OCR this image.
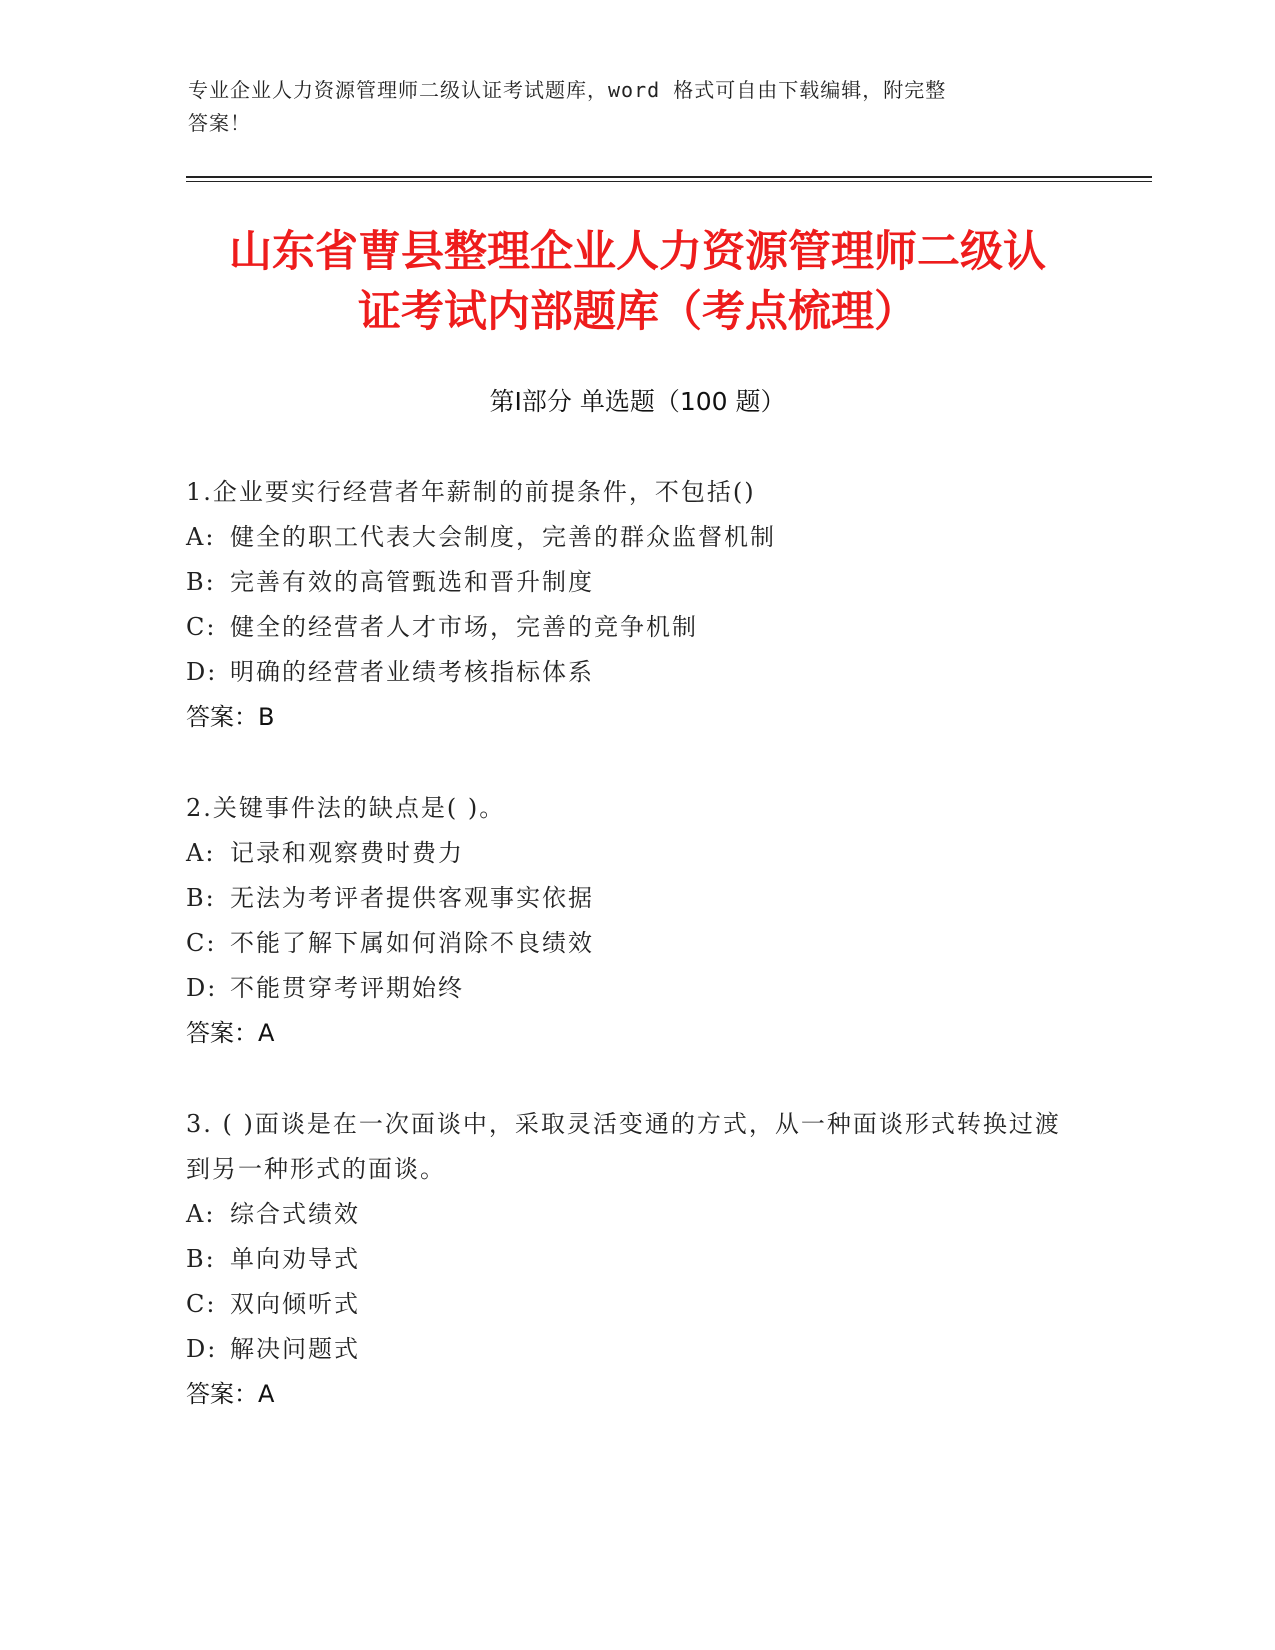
专业企业人力资源管理师二级认证考试题库，word 格式可自由下载编辑，附完整
答案！
山东省曹县整理企业人力资源管理师二级认
证考试内部题库（考点梳理）
第Ⅰ部分 单选题（100 题）
1.企业要实行经营者年薪制的前提条件，不包括()
A: 健全的职工代表大会制度，完善的群众监督机制
B: 完善有效的高管甄选和晋升制度
C: 健全的经营者人才市场，完善的竞争机制
D: 明确的经营者业绩考核指标体系
答案：B
2.关键事件法的缺点是( )。
A: 记录和观察费时费力
B: 无法为考评者提供客观事实依据
C: 不能了解下属如何消除不良绩效
D: 不能贯穿考评期始终
答案：A
3. ( )面谈是在一次面谈中，采取灵活变通的方式，从一种面谈形式转换过渡到另一种形式的面谈。
A: 综合式绩效
B: 单向劝导式
C: 双向倾听式
D: 解决问题式
答案：A
